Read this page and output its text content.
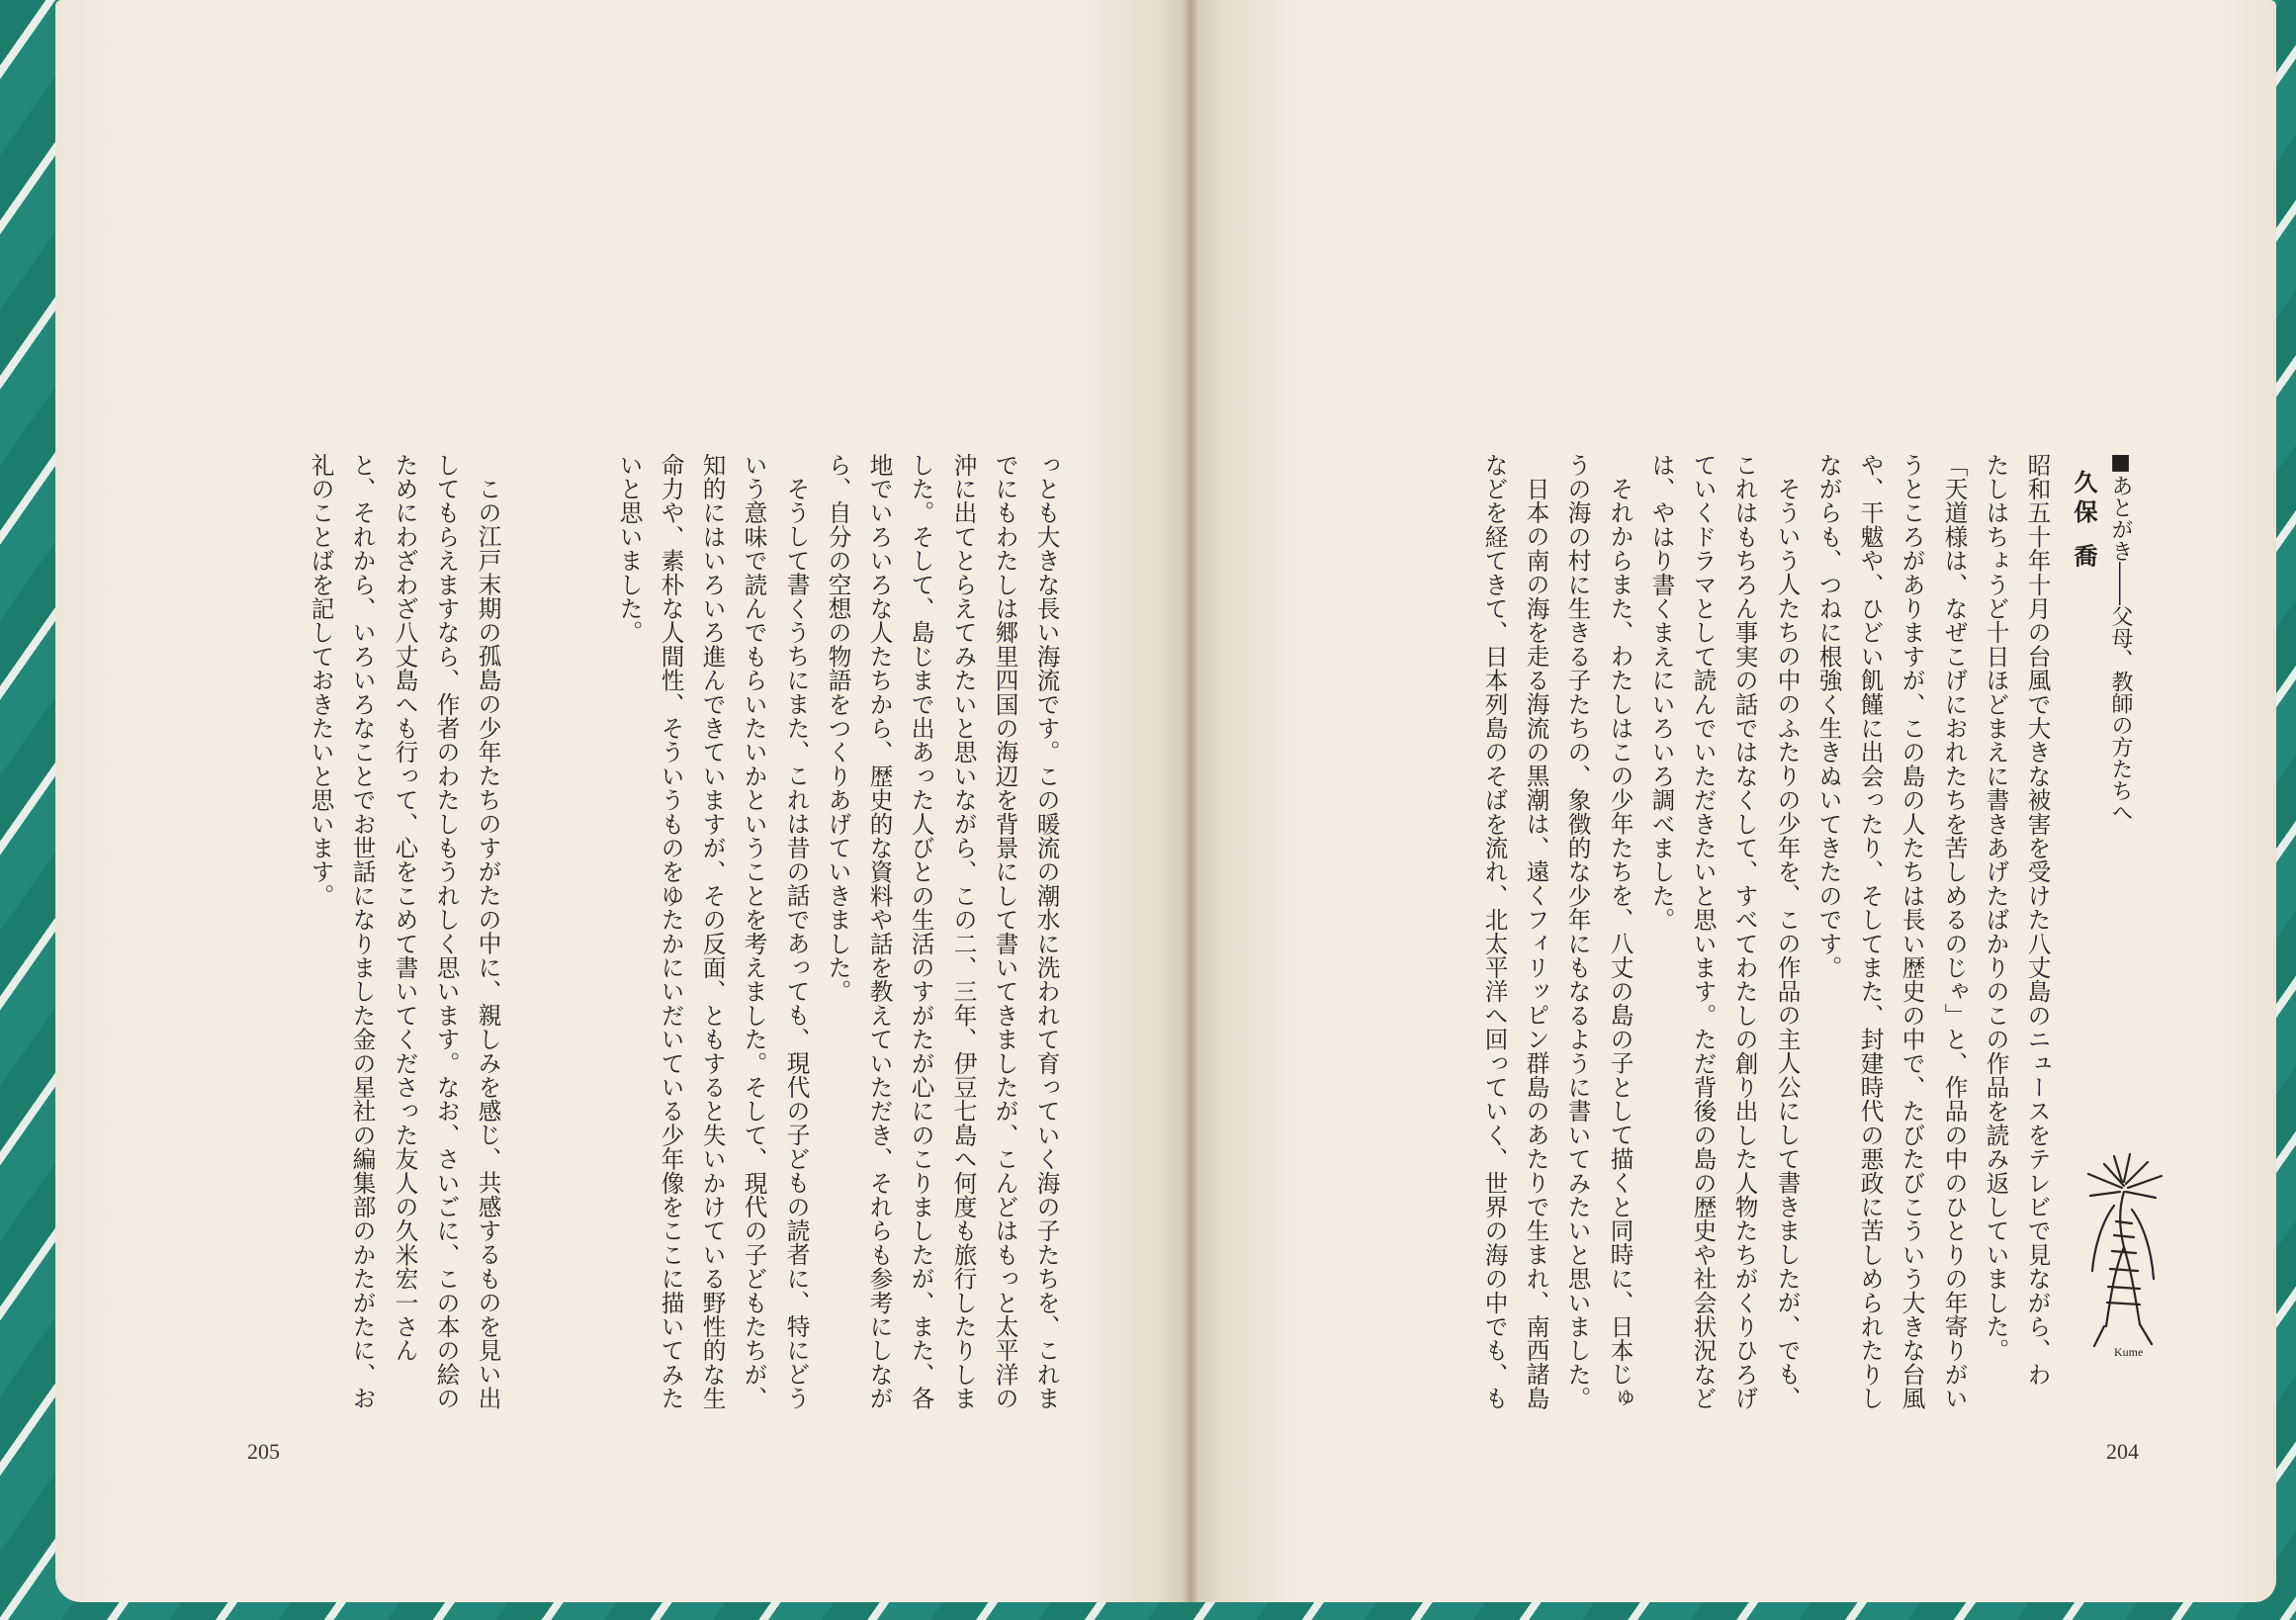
■あとがき――父母、教師の方たちへ
久保 喬
昭和五十年十月の台風で大きな被害を受けた八丈島のニュースをテレビで見ながら、わ
たしはちょうど十日ほどまえに書きあげたばかりのこの作品を読み返していました。
「天道様は、なぜこげにおれたちを苦しめるのじゃ」と、作品の中のひとりの年寄りがい
うところがありますが、この島の人たちは長い歴史の中で、たびたびこういう大きな台風
や、干魃や、ひどい飢饉に出会ったり、そしてまた、封建時代の悪政に苦しめられたりし
ながらも、つねに根強く生きぬいてきたのです。
そういう人たちの中のふたりの少年を、この作品の主人公にして書きましたが、でも、
これはもちろん事実の話ではなくして、すべてわたしの創り出した人物たちがくりひろげ
ていくドラマとして読んでいただきたいと思います。ただ背後の島の歴史や社会状況など
は、やはり書くまえにいろいろ調べました。
それからまた、わたしはこの少年たちを、八丈の島の子として描くと同時に、日本じゅ
うの海の村に生きる子たちの、象徴的な少年にもなるように書いてみたいと思いました。
日本の南の海を走る海流の黒潮は、遠くフィリッピン群島のあたりで生まれ、南西諸島
などを経てきて、日本列島のそばを流れ、北太平洋へ回っていく、世界の海の中でも、も
っとも大きな長い海流です。この暖流の潮水に洗われて育っていく海の子たちを、これま
でにもわたしは郷里四国の海辺を背景にして書いてきましたが、こんどはもっと太平洋の
沖に出てとらえてみたいと思いながら、この二、三年、伊豆七島へ何度も旅行したりしま
した。そして、島じまで出あった人びとの生活のすがたが心にのこりましたが、また、各
地でいろいろな人たちから、歴史的な資料や話を教えていただき、それらも参考にしなが
ら、自分の空想の物語をつくりあげていきました。
そうして書くうちにまた、これは昔の話であっても、現代の子どもの読者に、特にどう
いう意味で読んでもらいたいかということを考えました。そして、現代の子どもたちが、
知的にはいろいろ進んできていますが、その反面、ともすると失いかけている野性的な生
命力や、素朴な人間性、そういうものをゆたかにいだいている少年像をここに描いてみた
いと思いました。
この江戸末期の孤島の少年たちのすがたの中に、親しみを感じ、共感するものを見い出
してもらえますなら、作者のわたしもうれしく思います。なお、さいごに、この本の絵の
ためにわざわざ八丈島へも行って、心をこめて書いてくださった友人の久米宏一さん
と、それから、いろいろなことでお世話になりました金の星社の編集部のかたがたに、お
礼のことばを記しておきたいと思います。
204
205
Kume
